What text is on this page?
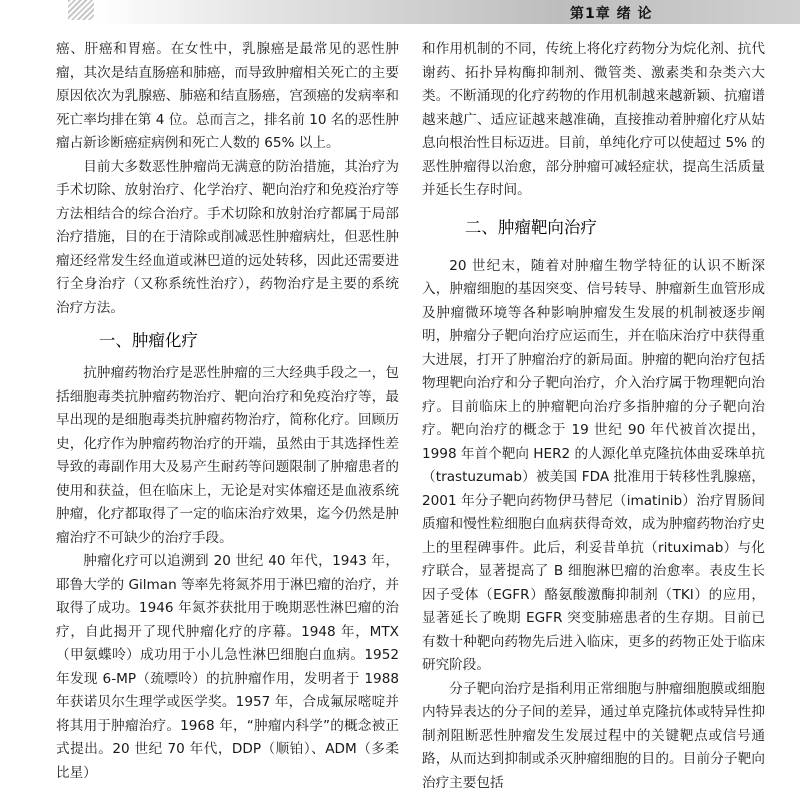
第1章 绪 论

癌、肝癌和胃癌。在女性中，乳腺癌是最常见的恶性肿瘤，其次是结直肠癌和肺癌，而导致肿瘤相关死亡的主要原因依次为乳腺癌、肺癌和结直肠癌，宫颈癌的发病率和死亡率均排在第 4 位。总而言之，排名前 10 名的恶性肿瘤占新诊断癌症病例和死亡人数的 65% 以上。

目前大多数恶性肿瘤尚无满意的防治措施，其治疗为手术切除、放射治疗、化学治疗、靶向治疗和免疫治疗等方法相结合的综合治疗。手术切除和放射治疗都属于局部治疗措施，目的在于清除或削减恶性肿瘤病灶，但恶性肿瘤还经常发生经血道或淋巴道的远处转移，因此还需要进行全身治疗（又称系统性治疗），药物治疗是主要的系统治疗方法。

一、肿瘤化疗

抗肿瘤药物治疗是恶性肿瘤的三大经典手段之一，包括细胞毒类抗肿瘤药物治疗、靶向治疗和免疫治疗等，最早出现的是细胞毒类抗肿瘤药物治疗，简称化疗。回顾历史，化疗作为肿瘤药物治疗的开端，虽然由于其选择性差导致的毒副作用大及易产生耐药等问题限制了肿瘤患者的使用和获益，但在临床上，无论是对实体瘤还是血液系统肿瘤，化疗都取得了一定的临床治疗效果，迄今仍然是肿瘤治疗不可缺少的治疗手段。

肿瘤化疗可以追溯到 20 世纪 40 年代，1943 年，耶鲁大学的 Gilman 等率先将氮芥用于淋巴瘤的治疗，并取得了成功。1946 年氮芥获批用于晚期恶性淋巴瘤的治疗，自此揭开了现代肿瘤化疗的序幕。1948 年，MTX（甲氨蝶呤）成功用于小儿急性淋巴细胞白血病。1952 年发现 6-MP（巯嘌呤）的抗肿瘤作用，发明者于 1988 年获诺贝尔生理学或医学奖。1957 年，合成氟尿嘧啶并将其用于肿瘤治疗。1968 年，“肿瘤内科学”的概念被正式提出。20 世纪 70 年代，DDP（顺铂）、ADM（多柔比星）

和作用机制的不同，传统上将化疗药物分为烷化剂、抗代谢药、拓扑异构酶抑制剂、微管类、激素类和杂类六大类。不断涌现的化疗药物的作用机制越来越新颖、抗瘤谱越来越广、适应证越来越准确，直接推动着肿瘤化疗从姑息向根治性目标迈进。目前，单纯化疗可以使超过 5% 的恶性肿瘤得以治愈，部分肿瘤可减轻症状，提高生活质量并延长生存时间。

二、肿瘤靶向治疗

20 世纪末，随着对肿瘤生物学特征的认识不断深入，肿瘤细胞的基因突变、信号转导、肿瘤新生血管形成及肿瘤微环境等各种影响肿瘤发生发展的机制被逐步阐明，肿瘤分子靶向治疗应运而生，并在临床治疗中获得重大进展，打开了肿瘤治疗的新局面。肿瘤的靶向治疗包括物理靶向治疗和分子靶向治疗，介入治疗属于物理靶向治疗。目前临床上的肿瘤靶向治疗多指肿瘤的分子靶向治疗。靶向治疗的概念于 19 世纪 90 年代被首次提出，1998 年首个靶向 HER2 的人源化单克隆抗体曲妥珠单抗（trastuzumab）被美国 FDA 批准用于转移性乳腺癌，2001 年分子靶向药物伊马替尼（imatinib）治疗胃肠间质瘤和慢性粒细胞白血病获得奇效，成为肿瘤药物治疗史上的里程碑事件。此后，利妥昔单抗（rituximab）与化疗联合，显著提高了 B 细胞淋巴瘤的治愈率。表皮生长因子受体（EGFR）酪氨酸激酶抑制剂（TKI）的应用，显著延长了晚期 EGFR 突变肺癌患者的生存期。目前已有数十种靶向药物先后进入临床，更多的药物正处于临床研究阶段。

分子靶向治疗是指利用正常细胞与肿瘤细胞膜或细胞内特异表达的分子间的差异，通过单克隆抗体或特异性抑制剂阻断恶性肿瘤发生发展过程中的关键靶点或信号通路，从而达到抑制或杀灭肿瘤细胞的目的。目前分子靶向治疗主要包括
